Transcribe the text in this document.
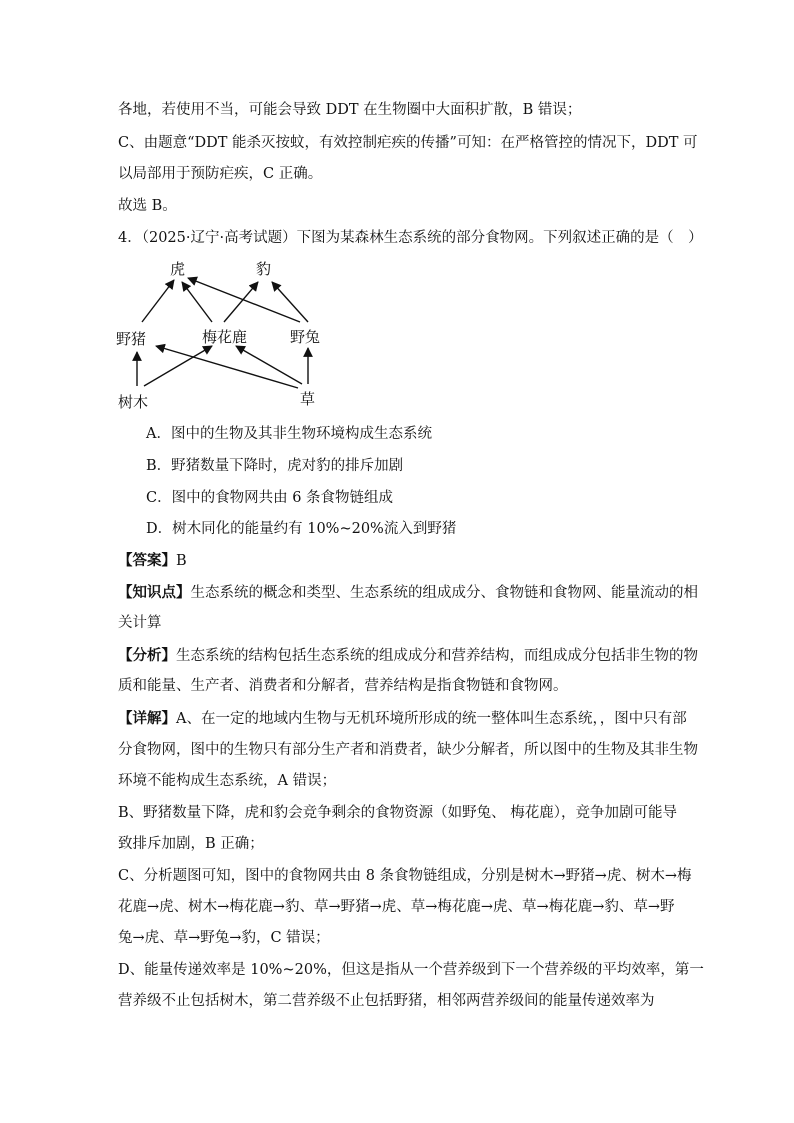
各地，若使用不当，可能会导致 DDT 在生物圈中大面积扩散，B 错误；
C、由题意“DDT 能杀灭按蚊，有效控制疟疾的传播”可知：在严格管控的情况下，DDT 可
以局部用于预防疟疾，C 正确。
故选 B。
4．（2025·辽宁·高考试题）下图为某森林生态系统的部分食物网。下列叙述正确的是（　）
虎	豹
野猪	梅花鹿	野兔
树木	草
A．图中的生物及其非生物环境构成生态系统
B．野猪数量下降时，虎对豹的排斥加剧
C．图中的食物网共由 6 条食物链组成
D．树木同化的能量约有 10%~20%流入到野猪
【答案】B
【知识点】生态系统的概念和类型、生态系统的组成成分、食物链和食物网、能量流动的相
关计算
【分析】生态系统的结构包括生态系统的组成成分和营养结构，而组成成分包括非生物的物
质和能量、生产者、消费者和分解者，营养结构是指食物链和食物网。
【详解】A、在一定的地域内生物与无机环境所形成的统一整体叫生态系统，，图中只有部
分食物网，图中的生物只有部分生产者和消费者，缺少分解者，所以图中的生物及其非生物
环境不能构成生态系统，A 错误；
B、野猪数量下降，虎和豹会竞争剩余的食物资源（如野兔、 梅花鹿），竞争加剧可能导
致排斥加剧，B 正确；
C、分析题图可知，图中的食物网共由 8 条食物链组成，分别是树木→野猪→虎、树木→梅
花鹿→虎、树木→梅花鹿→豹、草→野猪→虎、草→梅花鹿→虎、草→梅花鹿→豹、草→野
兔→虎、草→野兔→豹，C 错误；
D、能量传递效率是 10%~20%，但这是指从一个营养级到下一个营养级的平均效率，第一
营养级不止包括树木，第二营养级不止包括野猪，相邻两营养级间的能量传递效率为
